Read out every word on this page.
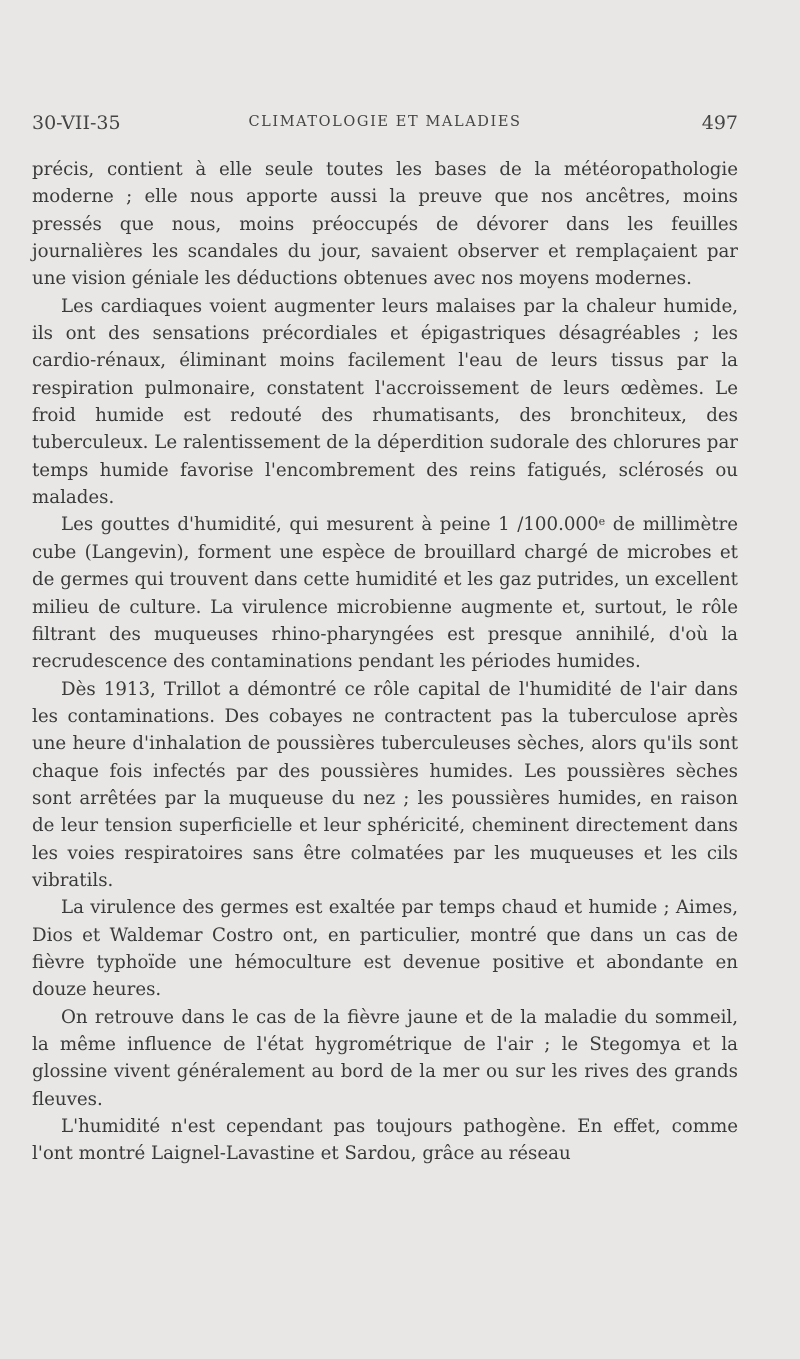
30-VII-35	CLIMATOLOGIE ET MALADIES	497

précis, contient à elle seule toutes les bases de la météoropathologie moderne ; elle nous apporte aussi la preuve que nos ancêtres, moins pressés que nous, moins préoccupés de dévorer dans les feuilles journalières les scandales du jour, savaient observer et remplaçaient par une vision géniale les déductions obtenues avec nos moyens modernes.

Les cardiaques voient augmenter leurs malaises par la chaleur humide, ils ont des sensations précordiales et épigastriques désagréables ; les cardio-rénaux, éliminant moins facilement l'eau de leurs tissus par la respiration pulmonaire, constatent l'accroissement de leurs œdèmes. Le froid humide est redouté des rhumatisants, des bronchiteux, des tuberculeux. Le ralentissement de la déperdition sudorale des chlorures par temps humide favorise l'encombrement des reins fatigués, sclérosés ou malades.

Les gouttes d'humidité, qui mesurent à peine 1 /100.000e de millimètre cube (Langevin), forment une espèce de brouillard chargé de microbes et de germes qui trouvent dans cette humidité et les gaz putrides, un excellent milieu de culture. La virulence microbienne augmente et, surtout, le rôle filtrant des muqueuses rhino-pharyngées est presque annihilé, d'où la recrudescence des contaminations pendant les périodes humides.

Dès 1913, Trillot a démontré ce rôle capital de l'humidité de l'air dans les contaminations. Des cobayes ne contractent pas la tuberculose après une heure d'inhalation de poussières tuberculeuses sèches, alors qu'ils sont chaque fois infectés par des poussières humides. Les poussières sèches sont arrêtées par la muqueuse du nez ; les poussières humides, en raison de leur tension superficielle et leur sphéricité, cheminent directement dans les voies respiratoires sans être colmatées par les muqueuses et les cils vibratils.

La virulence des germes est exaltée par temps chaud et humide ; Aimes, Dios et Waldemar Costro ont, en particulier, montré que dans un cas de fièvre typhoïde une hémoculture est devenue positive et abondante en douze heures.

On retrouve dans le cas de la fièvre jaune et de la maladie du sommeil, la même influence de l'état hygrométrique de l'air ; le Stegomya et la glossine vivent généralement au bord de la mer ou sur les rives des grands fleuves.

L'humidité n'est cependant pas toujours pathogène. En effet, comme l'ont montré Laignel-Lavastine et Sardou, grâce au réseau
